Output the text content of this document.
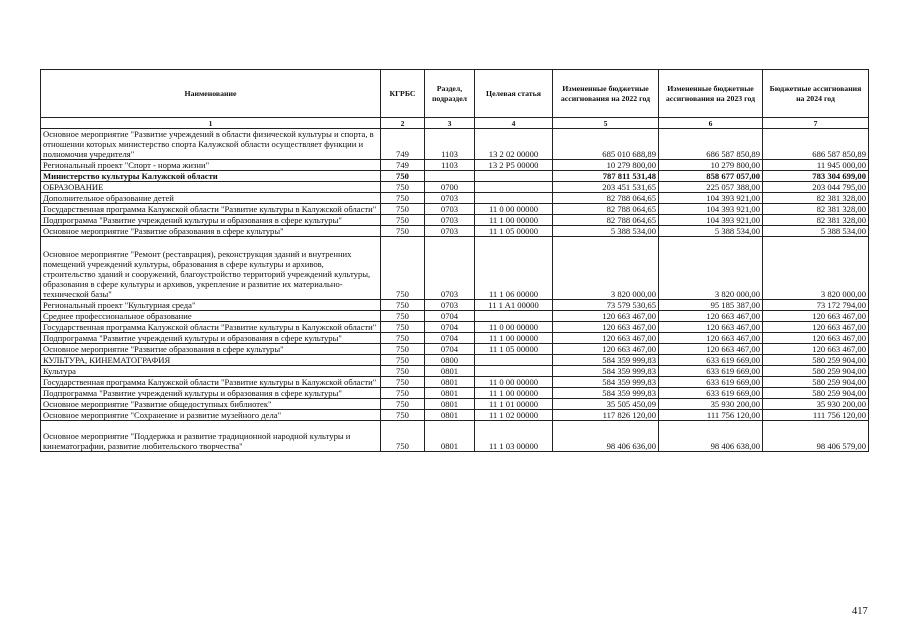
Наименование	КГРБС	Раздел, подраздел	Целевая статья	Измененные бюджетные ассигнования на 2022 год	Измененные бюджетные ассигнования на 2023 год	Бюджетные ассигнования на 2024 год
1	2	3	4	5	6	7
Основное мероприятие "Развитие учреждений в области физической культуры и спорта, в отношении которых министерство спорта Калужской области осуществляет функции и полномочия учредителя"	749	1103	13 2 02 00000	685 010 688,89	686 587 850,89	686 587 850,89
Региональный проект "Спорт - норма жизни"	749	1103	13 2 P5 00000	10 279 800,00	10 279 800,00	11 945 000,00
Министерство культуры Калужской области	750			787 811 531,48	858 677 057,00	783 304 699,00
ОБРАЗОВАНИЕ	750	0700		203 451 531,65	225 057 388,00	203 044 795,00
Дополнительное образование детей	750	0703		82 788 064,65	104 393 921,00	82 381 328,00
Государственная программа Калужской области "Развитие культуры в Калужской области"	750	0703	11 0 00 00000	82 788 064,65	104 393 921,00	82 381 328,00
Подпрограмма "Развитие учреждений культуры и образования в сфере культуры"	750	0703	11 1 00 00000	82 788 064,65	104 393 921,00	82 381 328,00
Основное мероприятие "Развитие образования в сфере культуры"	750	0703	11 1 05 00000	5 388 534,00	5 388 534,00	5 388 534,00
Основное мероприятие "Ремонт (реставрация), реконструкция зданий и внутренних помещений учреждений культуры, образования в сфере культуры и архивов, строительство зданий и сооружений, благоустройство территорий учреждений культуры, образования в сфере культуры и архивов, укрепление и развитие их материально-технической базы"	750	0703	11 1 06 00000	3 820 000,00	3 820 000,00	3 820 000,00
Региональный проект "Культурная среда"	750	0703	11 1 A1 00000	73 579 530,65	95 185 387,00	73 172 794,00
Среднее профессиональное образование	750	0704		120 663 467,00	120 663 467,00	120 663 467,00
Государственная программа Калужской области "Развитие культуры в Калужской области"	750	0704	11 0 00 00000	120 663 467,00	120 663 467,00	120 663 467,00
Подпрограмма "Развитие учреждений культуры и образования в сфере культуры"	750	0704	11 1 00 00000	120 663 467,00	120 663 467,00	120 663 467,00
Основное мероприятие "Развитие образования в сфере культуры"	750	0704	11 1 05 00000	120 663 467,00	120 663 467,00	120 663 467,00
КУЛЬТУРА, КИНЕМАТОГРАФИЯ	750	0800		584 359 999,83	633 619 669,00	580 259 904,00
Культура	750	0801		584 359 999,83	633 619 669,00	580 259 904,00
Государственная программа Калужской области "Развитие культуры в Калужской области"	750	0801	11 0 00 00000	584 359 999,83	633 619 669,00	580 259 904,00
Подпрограмма "Развитие учреждений культуры и образования в сфере культуры"	750	0801	11 1 00 00000	584 359 999,83	633 619 669,00	580 259 904,00
Основное мероприятие "Развитие общедоступных библиотек"	750	0801	11 1 01 00000	35 505 450,09	35 930 200,00	35 930 200,00
Основное мероприятие "Сохранение и развитие музейного дела"	750	0801	11 1 02 00000	117 826 120,00	111 756 120,00	111 756 120,00
Основное мероприятие "Поддержка и развитие традиционной народной культуры и кинематографии, развитие любительского творчества"	750	0801	11 1 03 00000	98 406 636,00	98 406 638,00	98 406 579,00
417
